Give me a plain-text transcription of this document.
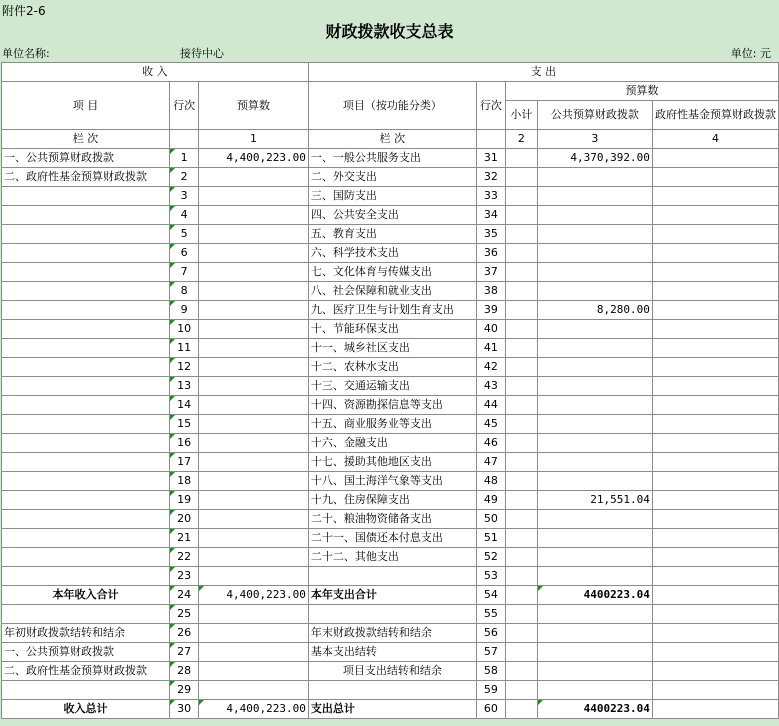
附件2-6
财政拨款收支总表
单位名称:	接待中心	单位: 元
收 入			支 出				
项 目	行次	预算数	项目（按功能分类）	行次	预算数		
					小计	公共预算财政拨款	政府性基金预算财政拨款
栏 次		1	栏 次		2	3	4
一、公共预算财政拨款	1	4,400,223.00	一、一般公共服务支出	31		4,370,392.00	
二、政府性基金预算财政拨款	2		二、外交支出	32			
	3		三、国防支出	33			
	4		四、公共安全支出	34			
	5		五、教育支出	35			
	6		六、科学技术支出	36			
	7		七、文化体育与传媒支出	37			
	8		八、社会保障和就业支出	38			
	9		九、医疗卫生与计划生育支出	39		8,280.00	
	10		十、节能环保支出	40			
	11		十一、城乡社区支出	41			
	12		十二、农林水支出	42			
	13		十三、交通运输支出	43			
	14		十四、资源勘探信息等支出	44			
	15		十五、商业服务业等支出	45			
	16		十六、金融支出	46			
	17		十七、援助其他地区支出	47			
	18		十八、国土海洋气象等支出	48			
	19		十九、住房保障支出	49		21,551.04	
	20		二十、粮油物资储备支出	50			
	21		二十一、国债还本付息支出	51			
	22		二十二、其他支出	52			
	23			53			
本年收入合计	24	4,400,223.00	本年支出合计	54		4400223.04	
	25			55			
年初财政拨款结转和结余	26		年末财政拨款结转和结余	56			
一、公共预算财政拨款	27		基本支出结转	57			
二、政府性基金预算财政拨款	28		项目支出结转和结余	58			
	29			59			
收入总计	30	4,400,223.00	支出总计	60		4400223.04	
